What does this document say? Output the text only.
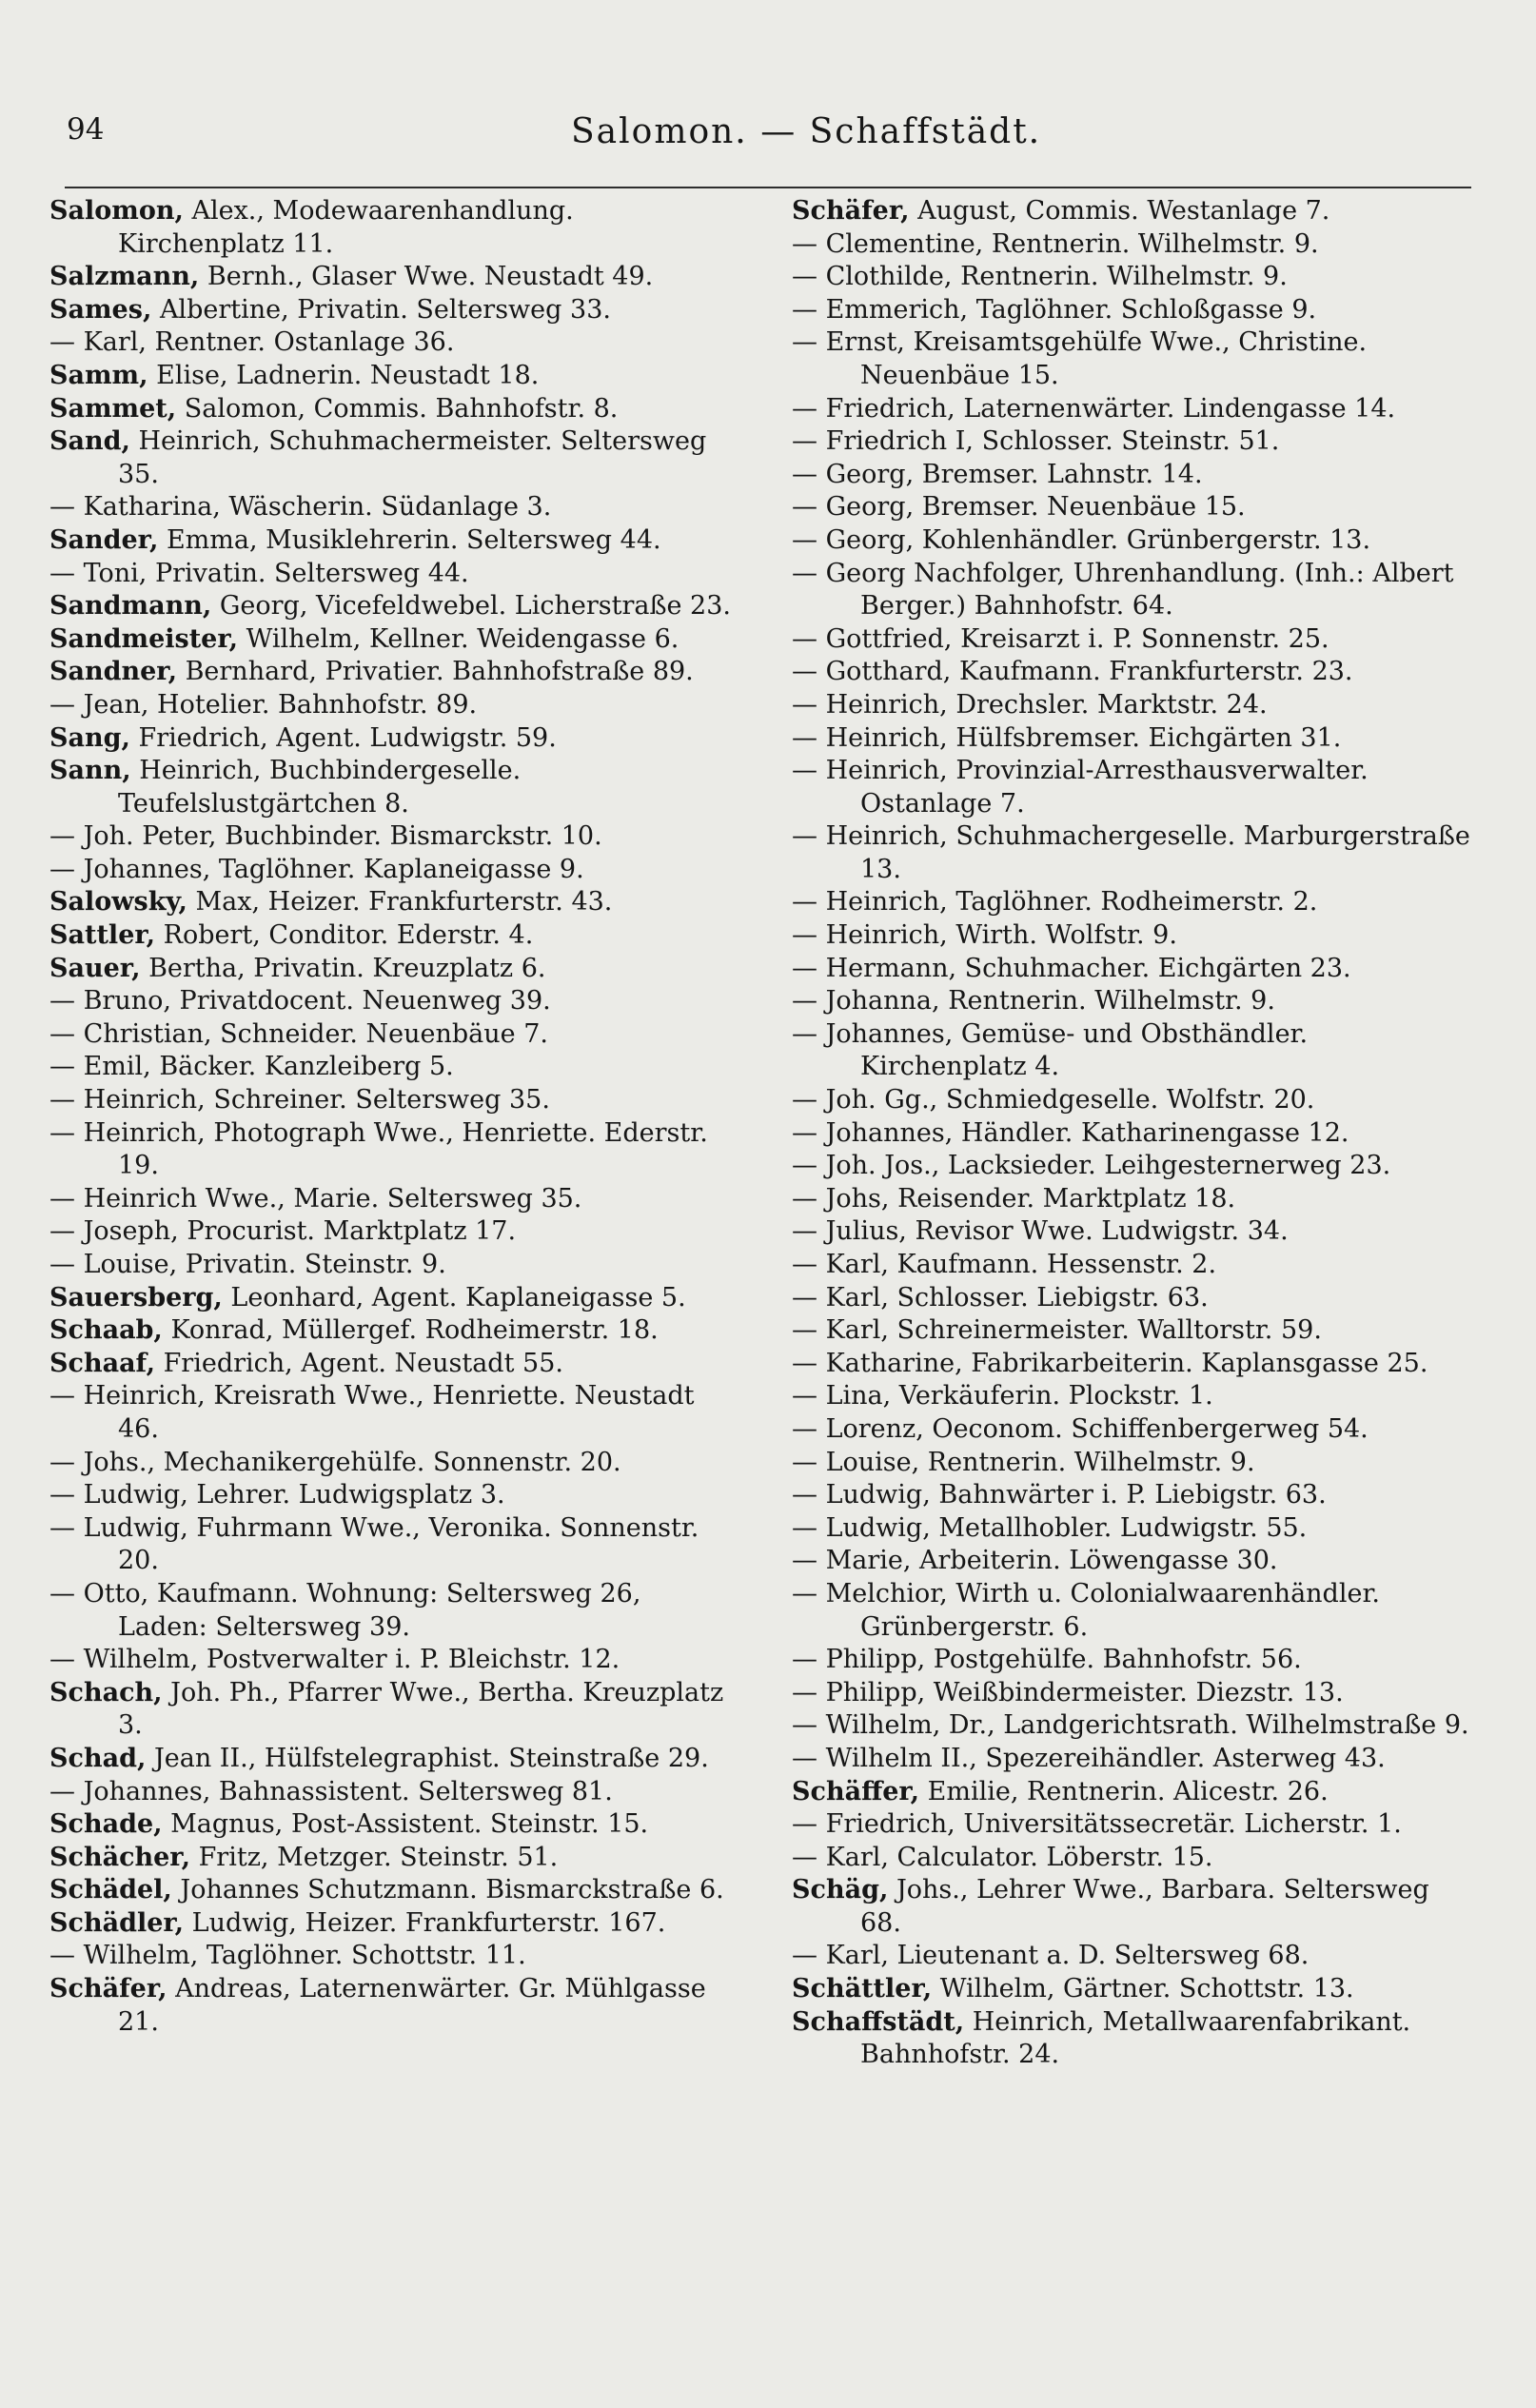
94	Salomon. — Schaffstädt.
Salomon, Alex., Modewaarenhandlung. Kirchenplatz 11.
Salzmann, Bernh., Glaser Wwe. Neustadt 49.
Sames, Albertine, Privatin. Seltersweg 33.
— Karl, Rentner. Ostanlage 36.
Samm, Elise, Ladnerin. Neustadt 18.
Sammet, Salomon, Commis. Bahnhofstr. 8.
Sand, Heinrich, Schuhmachermeister. Seltersweg 35.
— Katharina, Wäscherin. Südanlage 3.
Sander, Emma, Musiklehrerin. Seltersweg 44.
— Toni, Privatin. Seltersweg 44.
Sandmann, Georg, Vicefeldwebel. Licherstraße 23.
Sandmeister, Wilhelm, Kellner. Weidengasse 6.
Sandner, Bernhard, Privatier. Bahnhofstraße 89.
— Jean, Hotelier. Bahnhofstr. 89.
Sang, Friedrich, Agent. Ludwigstr. 59.
Sann, Heinrich, Buchbindergeselle. Teufelslustgärtchen 8.
— Joh. Peter, Buchbinder. Bismarckstr. 10.
— Johannes, Taglöhner. Kaplaneigasse 9.
Salowsky, Max, Heizer. Frankfurterstr. 43.
Sattler, Robert, Conditor. Ederstr. 4.
Sauer, Bertha, Privatin. Kreuzplatz 6.
— Bruno, Privatdocent. Neuenweg 39.
— Christian, Schneider. Neuenbäue 7.
— Emil, Bäcker. Kanzleiberg 5.
— Heinrich, Schreiner. Seltersweg 35.
— Heinrich, Photograph Wwe., Henriette. Ederstr. 19.
— Heinrich Wwe., Marie. Seltersweg 35.
— Joseph, Procurist. Marktplatz 17.
— Louise, Privatin. Steinstr. 9.
Sauersberg, Leonhard, Agent. Kaplaneigasse 5.
Schaab, Konrad, Müllergef. Rodheimerstr. 18.
Schaaf, Friedrich, Agent. Neustadt 55.
— Heinrich, Kreisrath Wwe., Henriette. Neustadt 46.
— Johs., Mechanikergehülfe. Sonnenstr. 20.
— Ludwig, Lehrer. Ludwigsplatz 3.
— Ludwig, Fuhrmann Wwe., Veronika. Sonnenstr. 20.
— Otto, Kaufmann. Wohnung: Seltersweg 26, Laden: Seltersweg 39.
— Wilhelm, Postverwalter i. P. Bleichstr. 12.
Schach, Joh. Ph., Pfarrer Wwe., Bertha. Kreuzplatz 3.
Schad, Jean II., Hülfstelegraphist. Steinstraße 29.
— Johannes, Bahnassistent. Seltersweg 81.
Schade, Magnus, Post-Assistent. Steinstr. 15.
Schächer, Fritz, Metzger. Steinstr. 51.
Schädel, Johannes Schutzmann. Bismarckstraße 6.
Schädler, Ludwig, Heizer. Frankfurterstr. 167.
— Wilhelm, Taglöhner. Schottstr. 11.
Schäfer, Andreas, Laternenwärter. Gr. Mühlgasse 21.
Schäfer, August, Commis. Westanlage 7.
— Clementine, Rentnerin. Wilhelmstr. 9.
— Clothilde, Rentnerin. Wilhelmstr. 9.
— Emmerich, Taglöhner. Schloßgasse 9.
— Ernst, Kreisamtsgehülfe Wwe., Christine. Neuenbäue 15.
— Friedrich, Laternenwärter. Lindengasse 14.
— Friedrich I, Schlosser. Steinstr. 51.
— Georg, Bremser. Lahnstr. 14.
— Georg, Bremser. Neuenbäue 15.
— Georg, Kohlenhändler. Grünbergerstr. 13.
— Georg Nachfolger, Uhrenhandlung. (Inh.: Albert Berger.) Bahnhofstr. 64.
— Gottfried, Kreisarzt i. P. Sonnenstr. 25.
— Gotthard, Kaufmann. Frankfurterstr. 23.
— Heinrich, Drechsler. Marktstr. 24.
— Heinrich, Hülfsbremser. Eichgärten 31.
— Heinrich, Provinzial-Arresthausverwalter. Ostanlage 7.
— Heinrich, Schuhmachergeselle. Marburgerstraße 13.
— Heinrich, Taglöhner. Rodheimerstr. 2.
— Heinrich, Wirth. Wolfstr. 9.
— Hermann, Schuhmacher. Eichgärten 23.
— Johanna, Rentnerin. Wilhelmstr. 9.
— Johannes, Gemüse- und Obsthändler. Kirchenplatz 4.
— Joh. Gg., Schmiedgeselle. Wolfstr. 20.
— Johannes, Händler. Katharinengasse 12.
— Joh. Jos., Lacksieder. Leihgesternerweg 23.
— Johs, Reisender. Marktplatz 18.
— Julius, Revisor Wwe. Ludwigstr. 34.
— Karl, Kaufmann. Hessenstr. 2.
— Karl, Schlosser. Liebigstr. 63.
— Karl, Schreinermeister. Walltorstr. 59.
— Katharine, Fabrikarbeiterin. Kaplansgasse 25.
— Lina, Verkäuferin. Plockstr. 1.
— Lorenz, Oeconom. Schiffenbergerweg 54.
— Louise, Rentnerin. Wilhelmstr. 9.
— Ludwig, Bahnwärter i. P. Liebigstr. 63.
— Ludwig, Metallhobler. Ludwigstr. 55.
— Marie, Arbeiterin. Löwengasse 30.
— Melchior, Wirth u. Colonialwaarenhändler. Grünbergerstr. 6.
— Philipp, Postgehülfe. Bahnhofstr. 56.
— Philipp, Weißbindermeister. Diezstr. 13.
— Wilhelm, Dr., Landgerichtsrath. Wilhelmstraße 9.
— Wilhelm II., Spezereihändler. Asterweg 43.
Schäffer, Emilie, Rentnerin. Alicestr. 26.
— Friedrich, Universitätssecretär. Licherstr. 1.
— Karl, Calculator. Löberstr. 15.
Schäg, Johs., Lehrer Wwe., Barbara. Seltersweg 68.
— Karl, Lieutenant a. D. Seltersweg 68.
Schättler, Wilhelm, Gärtner. Schottstr. 13.
Schaffstädt, Heinrich, Metallwaarenfabrikant. Bahnhofstr. 24.
